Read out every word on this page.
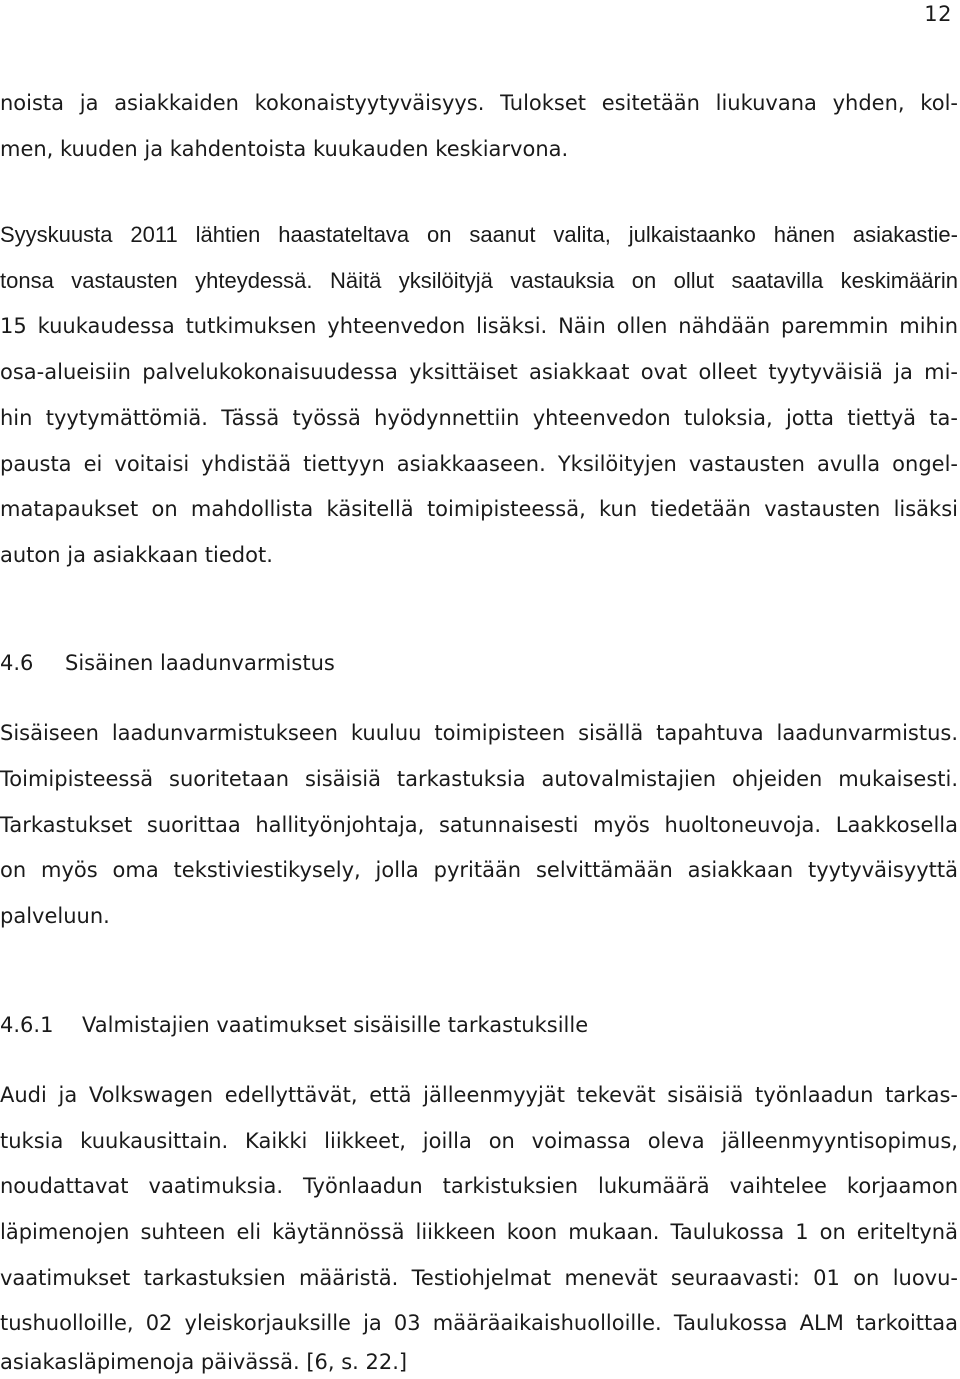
12

noista ja asiakkaiden kokonaistyytyväisyys. Tulokset esitetään liukuvana yhden, kol-

men, kuuden ja kahdentoista kuukauden keskiarvona.

Syyskuusta 2011 lähtien haastateltava on saanut valita, julkaistaanko hänen asiakastie-

tonsa vastausten yhteydessä. Näitä yksilöityjä vastauksia on ollut saatavilla keskimäärin

15 kuukaudessa tutkimuksen yhteenvedon lisäksi. Näin ollen nähdään paremmin mihin

osa-alueisiin palvelukokonaisuudessa yksittäiset asiakkaat ovat olleet tyytyväisiä ja mi-

hin tyytymättömiä. Tässä työssä hyödynnettiin yhteenvedon tuloksia, jotta tiettyä ta-

pausta ei voitaisi yhdistää tiettyyn asiakkaaseen. Yksilöityjen vastausten avulla ongel-

matapaukset on mahdollista käsitellä toimipisteessä, kun tiedetään vastausten lisäksi

auton ja asiakkaan tiedot.

4.6 Sisäinen laadunvarmistus

Sisäiseen laadunvarmistukseen kuuluu toimipisteen sisällä tapahtuva laadunvarmistus.

Toimipisteessä suoritetaan sisäisiä tarkastuksia autovalmistajien ohjeiden mukaisesti.

Tarkastukset suorittaa hallityönjohtaja, satunnaisesti myös huoltoneuvoja. Laakkosella

on myös oma tekstiviestikysely, jolla pyritään selvittämään asiakkaan tyytyväisyyttä

palveluun.

4.6.1 Valmistajien vaatimukset sisäisille tarkastuksille

Audi ja Volkswagen edellyttävät, että jälleenmyyjät tekevät sisäisiä työnlaadun tarkas-

tuksia kuukausittain. Kaikki liikkeet, joilla on voimassa oleva jälleenmyyntisopimus,

noudattavat vaatimuksia. Työnlaadun tarkistuksien lukumäärä vaihtelee korjaamon

läpimenojen suhteen eli käytännössä liikkeen koon mukaan. Taulukossa 1 on eriteltynä

vaatimukset tarkastuksien määristä. Testiohjelmat menevät seuraavasti: 01 on luovu-

tushuolloille, 02 yleiskorjauksille ja 03 määräaikaishuolloille. Taulukossa ALM tarkoittaa

asiakasläpimenoja päivässä. [6, s. 22.]
